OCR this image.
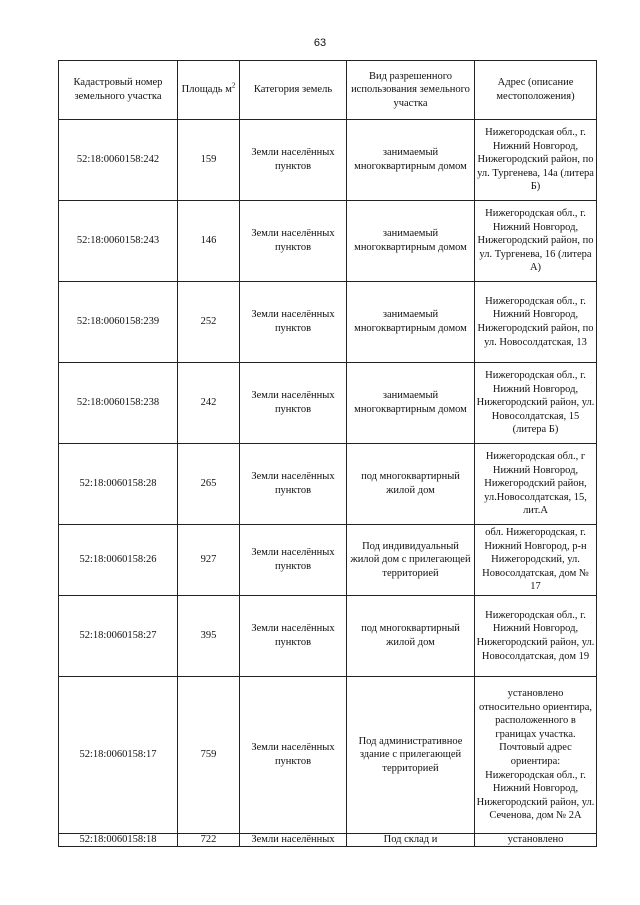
63
Кадастровый номер земельного участка	Площадь $м^2$	Категория земель	Вид разрешенного использования земельного участка	Адрес (описание местоположения)
52:18:0060158:242	159	Земли населённых пунктов	занимаемый многоквартирным домом	Нижегородская обл., г. Нижний Новгород, Нижегородский район, по ул. Тургенева, 14а (литера Б)
52:18:0060158:243	146	Земли населённых пунктов	занимаемый многоквартирным домом	Нижегородская обл., г. Нижний Новгород, Нижегородский район, по ул. Тургенева, 16 (литера А)
52:18:0060158:239	252	Земли населённых пунктов	занимаемый многоквартирным домом	Нижегородская обл., г. Нижний Новгород, Нижегородский район, по ул. Новосолдатская, 13
52:18:0060158:238	242	Земли населённых пунктов	занимаемый многоквартирным домом	Нижегородская обл., г. Нижний Новгород, Нижегородский район, ул. Новосолдатская, 15 (литера Б)
52:18:0060158:28	265	Земли населённых пунктов	под многоквартирный жилой дом	Нижегородская обл., г Нижний Новгород, Нижегородский район, ул.Новосолдатская, 15, лит.А
52:18:0060158:26	927	Земли населённых пунктов	Под индивидуальный жилой дом с прилегающей территорией	обл. Нижегородская, г. Нижний Новгород, р-н Нижегородский, ул. Новосолдатская, дом № 17
52:18:0060158:27	395	Земли населённых пунктов	под многоквартирный жилой дом	Нижегородская обл., г. Нижний Новгород, Нижегородский район, ул. Новосолдатская, дом 19
52:18:0060158:17	759	Земли населённых пунктов	Под административное здание с прилегающей территорией	установлено относительно ориентира, расположенного в границах участка. Почтовый адрес ориентира: Нижегородская обл., г. Нижний Новгород, Нижегородский район, ул. Сеченова, дом № 2А
52:18:0060158:18	722	Земли населённых	Под склад и	установлено
